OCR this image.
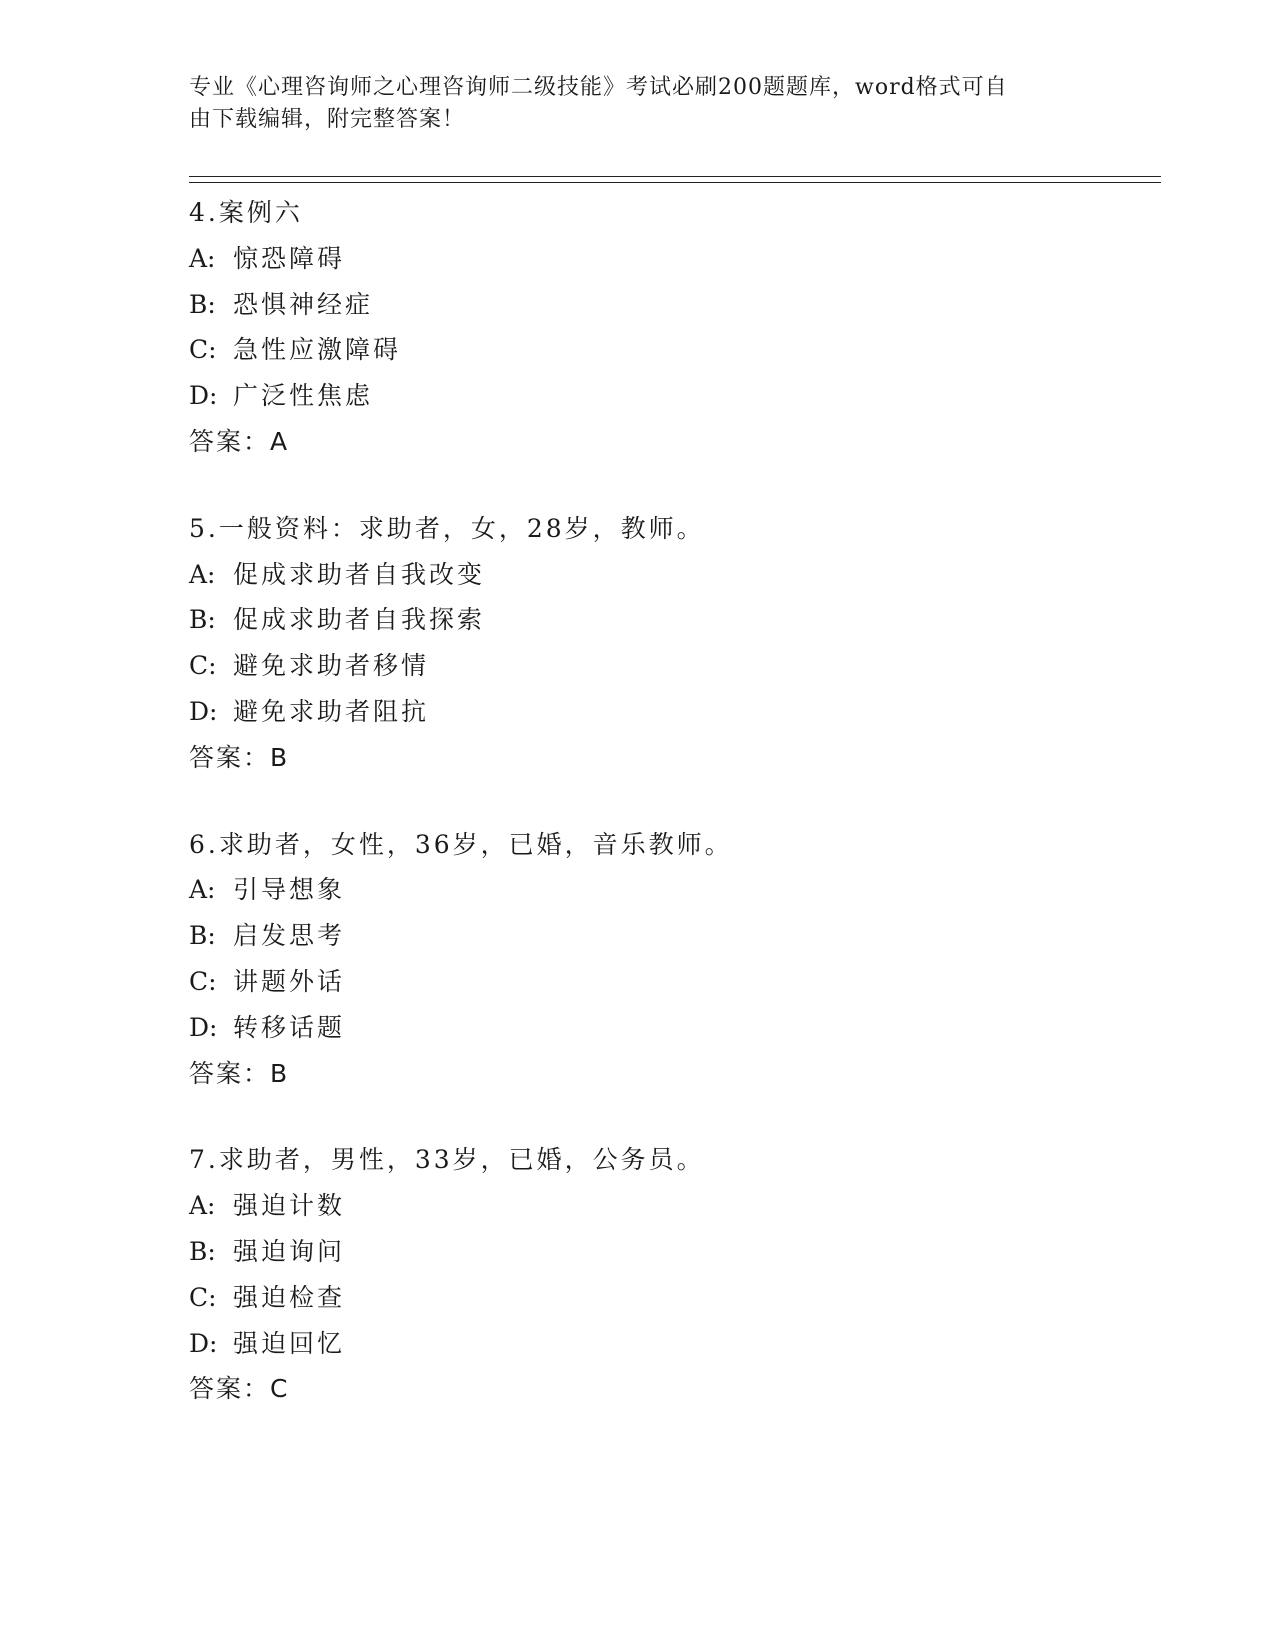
专业《心理咨询师之心理咨询师二级技能》考试必刷200题题库，word格式可自
由下载编辑，附完整答案！
4.案例六
A: 惊恐障碍
B: 恐惧神经症
C: 急性应激障碍
D: 广泛性焦虑
答案：A
5.一般资料：求助者，女，28岁，教师。
A: 促成求助者自我改变
B: 促成求助者自我探索
C: 避免求助者移情
D: 避免求助者阻抗
答案：B
6.求助者，女性，36岁，已婚，音乐教师。
A: 引导想象
B: 启发思考
C: 讲题外话
D: 转移话题
答案：B
7.求助者，男性，33岁，已婚，公务员。
A: 强迫计数
B: 强迫询问
C: 强迫检查
D: 强迫回忆
答案：C
